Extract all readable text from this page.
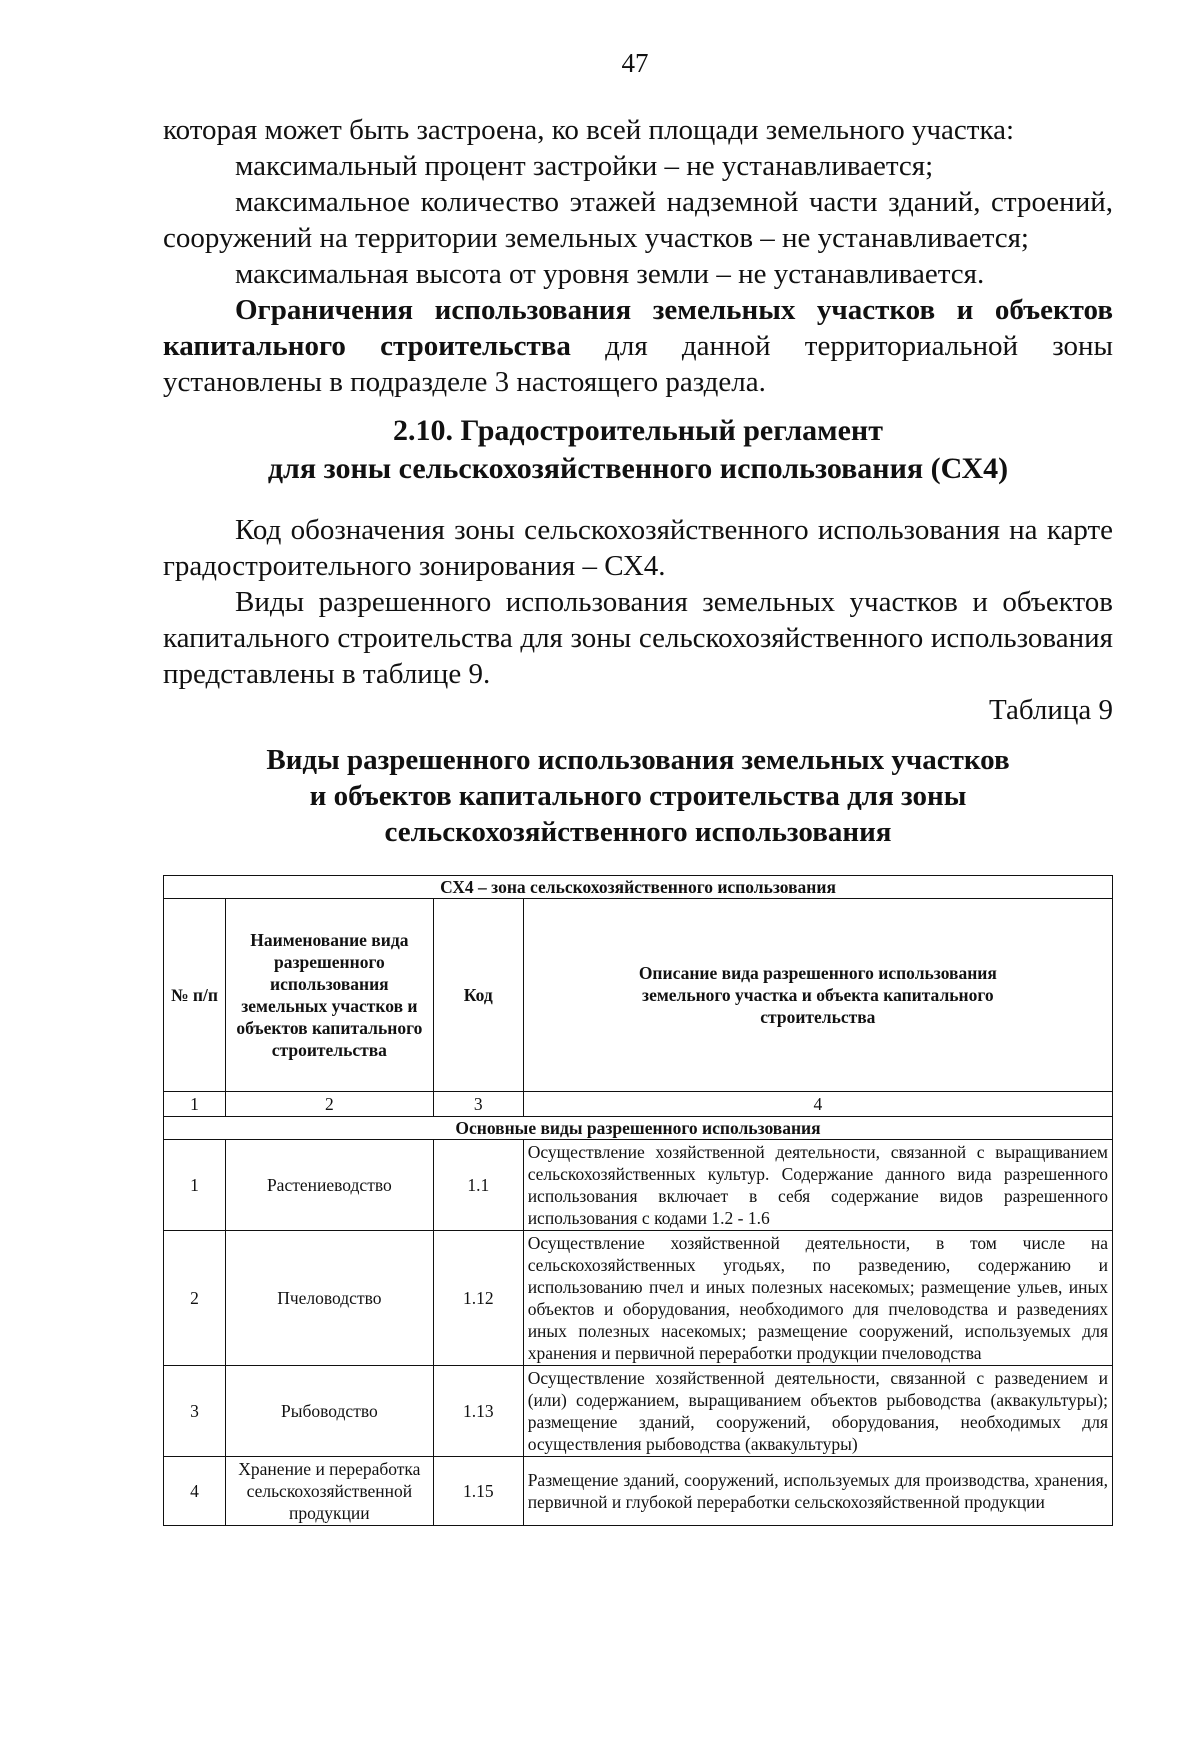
47

которая может быть застроена, ко всей площади земельного участка:

максимальный процент застройки – не устанавливается;

максимальное количество этажей надземной части зданий, строений, сооружений на территории земельных участков – не устанавливается;

максимальная высота от уровня земли – не устанавливается.

Ограничения использования земельных участков и объектов капитального строительства для данной территориальной зоны установлены в подразделе 3 настоящего раздела.

2.10. Градостроительный регламент

для зоны сельскохозяйственного использования (СХ4)

Код обозначения зоны сельскохозяйственного использования на карте градостроительного зонирования – СХ4.

Виды разрешенного использования земельных участков и объектов капитального строительства для зоны сельскохозяйственного использования представлены в таблице 9.

Таблица 9

Виды разрешенного использования земельных участков

и объектов капитального строительства для зоны

сельскохозяйственного использования

СХ4 – зона сельскохозяйственного использования			
№ п/п	Наименование вида разрешенного использования земельных участков и объектов капитального строительства	Код	Описание вида разрешенного использования земельного участка и объекта капитального строительства
1	2	3	4
Основные виды разрешенного использования			
1	Растениеводство	1.1	Осуществление хозяйственной деятельности, связанной с выращиванием сельскохозяйственных культур. Содержание данного вида разрешенного использования включает в себя содержание видов разрешенного использования с кодами 1.2 - 1.6
2	Пчеловодство	1.12	Осуществление хозяйственной деятельности, в том числе на сельскохозяйственных угодьях, по разведению, содержанию и использованию пчел и иных полезных насекомых; размещение ульев, иных объектов и оборудования, необходимого для пчеловодства и разведениях иных полезных насекомых; размещение сооружений, используемых для хранения и первичной переработки продукции пчеловодства
3	Рыбоводство	1.13	Осуществление хозяйственной деятельности, связанной с разведением и (или) содержанием, выращиванием объектов рыбоводства (аквакультуры); размещение зданий, сооружений, оборудования, необходимых для осуществления рыбоводства (аквакультуры)
4	Хранение и переработка сельскохозяйственной продукции	1.15	Размещение зданий, сооружений, используемых для производства, хранения, первичной и глубокой переработки сельскохозяйственной продукции
